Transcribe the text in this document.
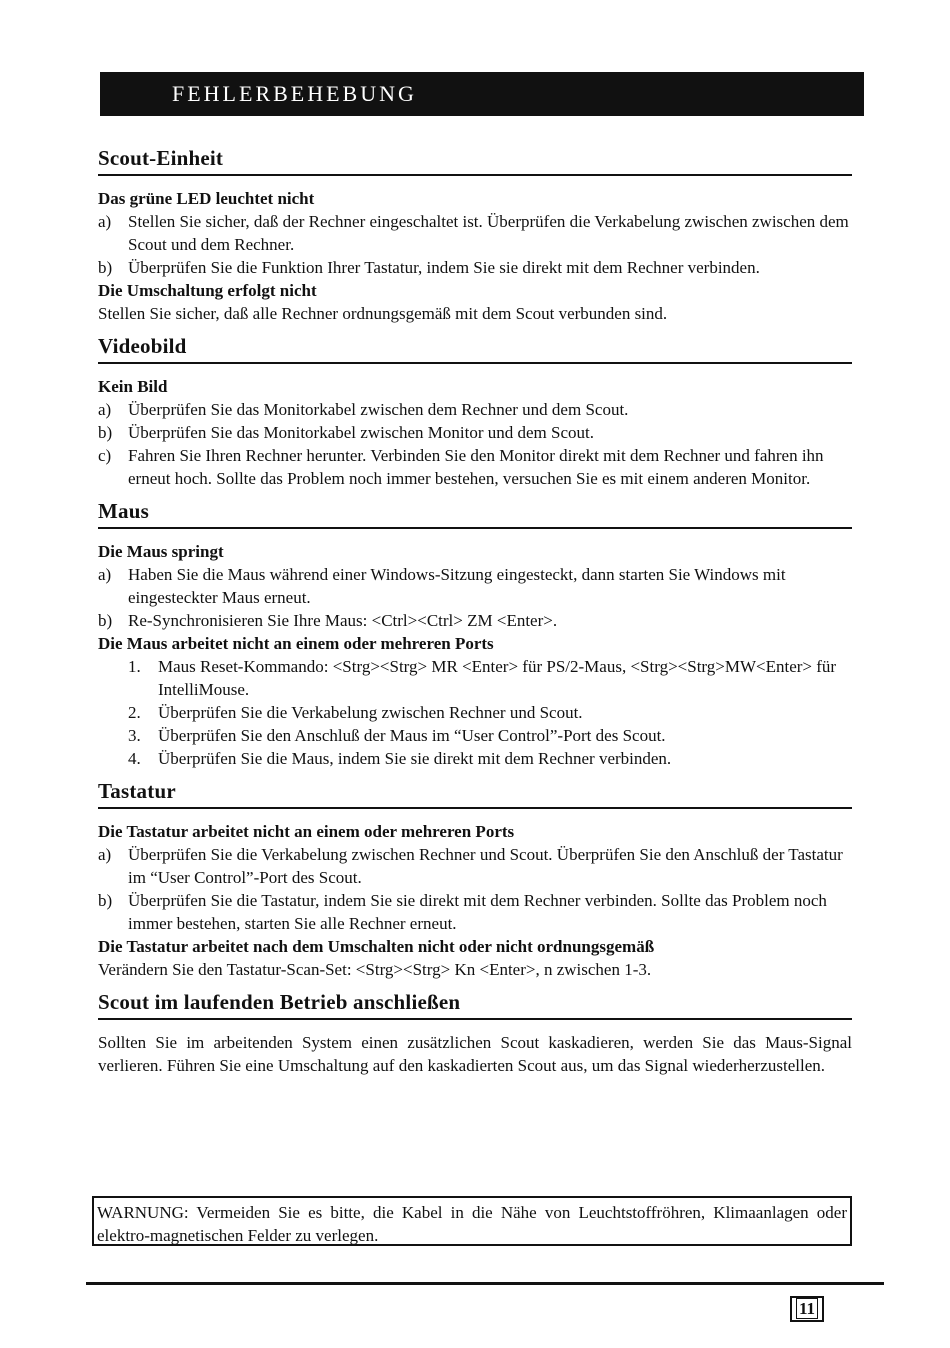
FEHLERBEHEBUNG
Scout-Einheit
Das grüne LED leuchtet nicht
a) Stellen Sie sicher, daß der Rechner eingeschaltet ist. Überprüfen die Verkabelung zwischen zwischen dem Scout und dem Rechner.
b) Überprüfen Sie die Funktion Ihrer Tastatur, indem Sie sie direkt mit dem Rechner verbinden.
Die Umschaltung erfolgt nicht
Stellen Sie sicher, daß alle Rechner ordnungsgemäß mit dem Scout verbunden sind.
Videobild
Kein Bild
a) Überprüfen Sie das Monitorkabel zwischen dem Rechner und dem Scout.
b) Überprüfen Sie das Monitorkabel zwischen Monitor und dem Scout.
c) Fahren Sie Ihren Rechner herunter. Verbinden Sie den Monitor direkt mit dem Rechner und fahren ihn erneut hoch. Sollte das Problem noch immer bestehen, versuchen Sie es mit einem anderen Monitor.
Maus
Die Maus springt
a) Haben Sie die Maus während einer Windows-Sitzung eingesteckt, dann starten Sie Windows mit eingesteckter Maus erneut.
b) Re-Synchronisieren Sie Ihre Maus: <Ctrl><Ctrl> ZM <Enter>.
Die Maus arbeitet nicht an einem oder mehreren Ports
1.	Maus Reset-Kommando: <Strg><Strg> MR <Enter> für PS/2-Maus, <Strg><Strg>MW<Enter> für IntelliMouse.
2.	Überprüfen Sie die Verkabelung zwischen Rechner und Scout.
3.	Überprüfen Sie den Anschluß der Maus im “User Control”-Port des Scout.
4.	Überprüfen Sie die Maus, indem Sie sie direkt mit dem Rechner verbinden.
Tastatur
Die Tastatur arbeitet nicht an einem oder mehreren Ports
a) Überprüfen Sie die Verkabelung zwischen Rechner und Scout. Überprüfen Sie den Anschluß der Tastatur im “User Control”-Port des Scout.
b) Überprüfen Sie die Tastatur, indem Sie sie direkt mit dem Rechner verbinden. Sollte das Problem noch immer bestehen, starten Sie alle Rechner erneut.
Die Tastatur arbeitet nach dem Umschalten nicht oder nicht ordnungsgemäß
Verändern Sie den Tastatur-Scan-Set: <Strg><Strg> Kn <Enter>, n zwischen 1-3.
Scout im laufenden Betrieb anschließen
Sollten Sie im arbeitenden System einen zusätzlichen Scout kaskadieren, werden Sie das Maus-Signal verlieren. Führen Sie eine Umschaltung auf den kaskadierten Scout aus, um das Signal wiederherzustellen.
WARNUNG: Vermeiden Sie es bitte, die Kabel in die Nähe von Leuchtstoffröhren, Klimaanlagen oder elektro-magnetischen Felder zu verlegen.
11
